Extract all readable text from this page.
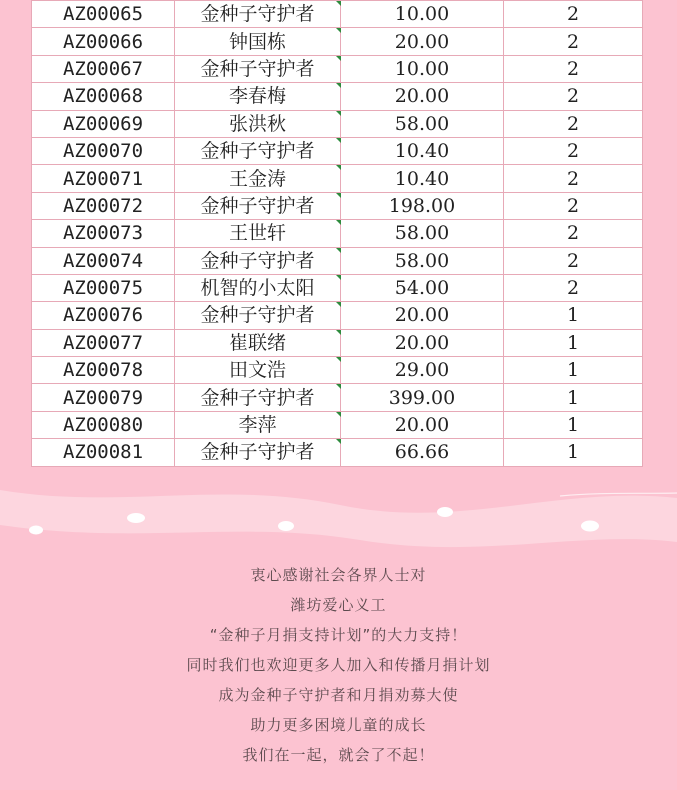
AZ00065	金种子守护者	10.00	2
AZ00066	钟国栋	20.00	2
AZ00067	金种子守护者	10.00	2
AZ00068	李春梅	20.00	2
AZ00069	张洪秋	58.00	2
AZ00070	金种子守护者	10.40	2
AZ00071	王金涛	10.40	2
AZ00072	金种子守护者	198.00	2
AZ00073	王世轩	58.00	2
AZ00074	金种子守护者	58.00	2
AZ00075	机智的小太阳	54.00	2
AZ00076	金种子守护者	20.00	1
AZ00077	崔联绪	20.00	1
AZ00078	田文浩	29.00	1
AZ00079	金种子守护者	399.00	1
AZ00080	李萍	20.00	1
AZ00081	金种子守护者	66.66	1
衷心感谢社会各界人士对
潍坊爱心义工
“金种子月捐支持计划”的大力支持！
同时我们也欢迎更多人加入和传播月捐计划
成为金种子守护者和月捐劝募大使
助力更多困境儿童的成长
我们在一起，就会了不起！
